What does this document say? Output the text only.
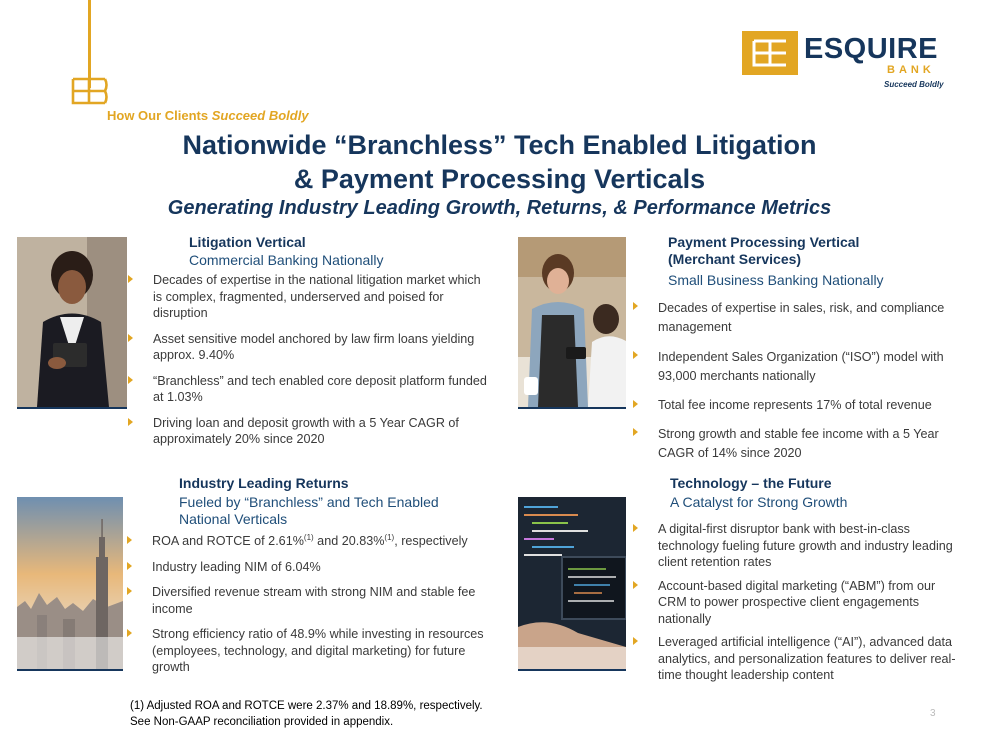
ESQUIRE
BANK
Succeed Boldly
How Our Clients Succeed Boldly
Nationwide “Branchless” Tech Enabled Litigation
& Payment Processing Verticals
Generating Industry Leading Growth, Returns, & Performance Metrics
Litigation Vertical
Commercial Banking Nationally
Decades of expertise in the national litigation market which is complex, fragmented, underserved and poised for disruption
Asset sensitive model anchored by law firm loans yielding approx. 9.40%
“Branchless” and tech enabled core deposit platform funded at 1.03%
Driving loan and deposit growth with a 5 Year CAGR of approximately 20% since 2020
Payment Processing Vertical
(Merchant Services)
Small Business Banking Nationally
Decades of expertise in sales, risk, and compliance management
Independent Sales Organization (“ISO”) model with 93,000 merchants nationally
Total fee income represents 17% of total revenue
Strong growth and stable fee income with a 5 Year CAGR of 14% since 2020
Industry Leading Returns
Fueled by “Branchless” and Tech Enabled
National Verticals
ROA and ROTCE of 2.61%$^{(1)}$ and 20.83%$^{(1)}$, respectively
Industry leading NIM of 6.04%
Diversified revenue stream with strong NIM and stable fee income
Strong efficiency ratio of 48.9% while investing in resources (employees, technology, and digital marketing) for future growth
Technology – the Future
A Catalyst for Strong Growth
A digital-first disruptor bank with best-in-class technology fueling future growth and industry leading client retention rates
Account-based digital marketing (“ABM”) from our CRM to power prospective client engagements nationally
Leveraged artificial intelligence (“AI”), advanced data analytics, and personalization features to deliver real-time thought leadership content
(1) Adjusted ROA and ROTCE were 2.37% and 18.89%, respectively.
See Non-GAAP reconciliation provided in appendix.
3
